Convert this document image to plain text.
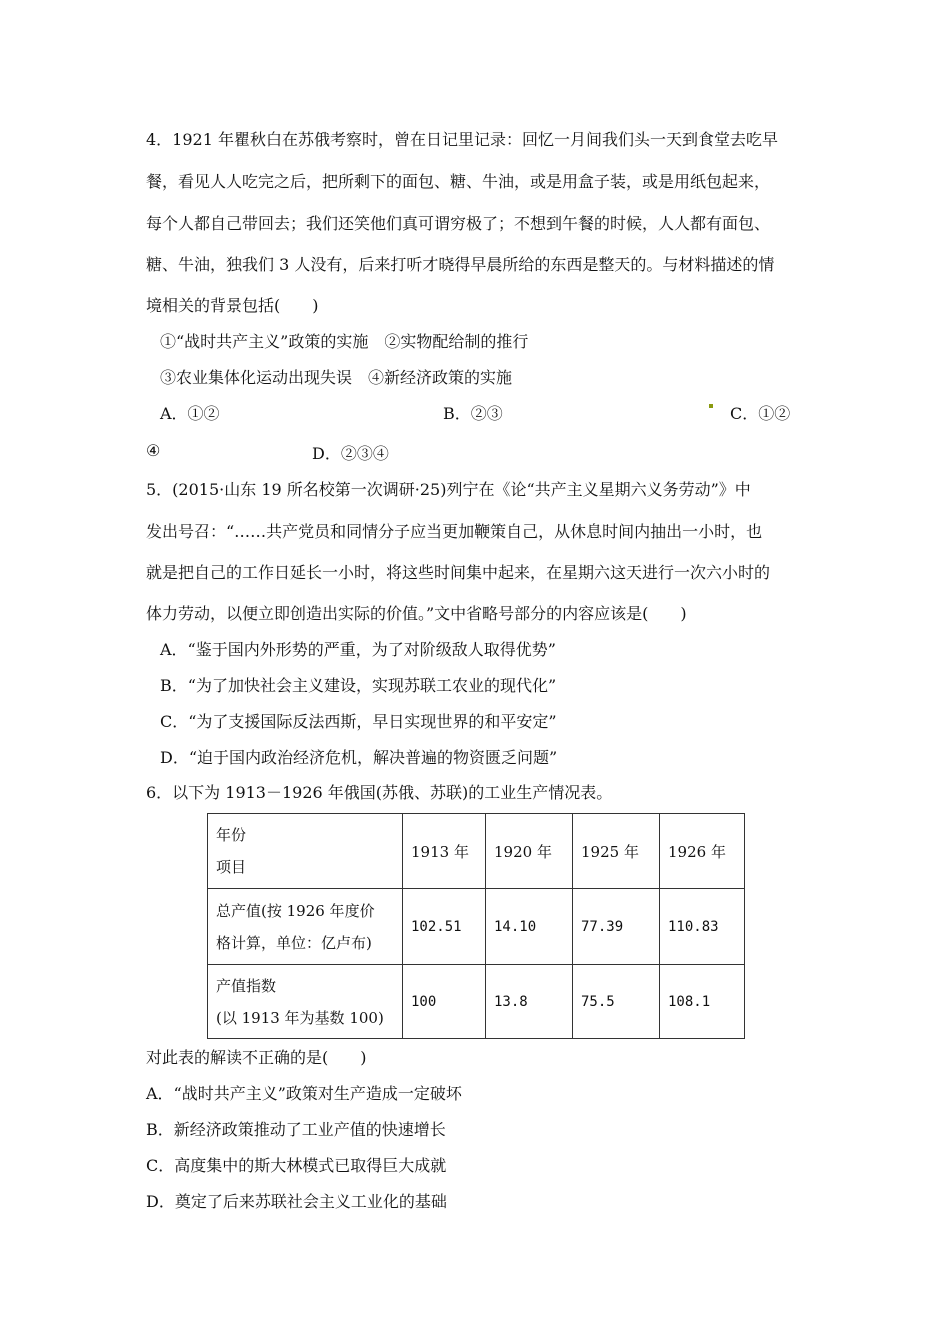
4．1921 年瞿秋白在苏俄考察时，曾在日记里记录：回忆一月间我们头一天到食堂去吃早
餐，看见人人吃完之后，把所剩下的面包、糖、牛油，或是用盒子装，或是用纸包起来，
每个人都自己带回去；我们还笑他们真可谓穷极了；不想到午餐的时候，人人都有面包、
糖、牛油，独我们 3 人没有，后来打听才晓得早晨所给的东西是整天的。与材料描述的情
境相关的背景包括(　　)
①“战时共产主义”政策的实施　②实物配给制的推行
③农业集体化运动出现失误　④新经济政策的实施
A．①②	B．②③	C．①②
④	D．②③④
5．(2015·山东 19 所名校第一次调研·25)列宁在《论“共产主义星期六义务劳动”》中
发出号召：“……共产党员和同情分子应当更加鞭策自己，从休息时间内抽出一小时，也
就是把自己的工作日延长一小时，将这些时间集中起来，在星期六这天进行一次六小时的
体力劳动，以便立即创造出实际的价值。”文中省略号部分的内容应该是(　　)
A．“鉴于国内外形势的严重，为了对阶级敌人取得优势”
B．“为了加快社会主义建设，实现苏联工农业的现代化”
C．“为了支援国际反法西斯，早日实现世界的和平安定”
D．“迫于国内政治经济危机，解决普遍的物资匮乏问题”
6．以下为 1913－1926 年俄国(苏俄、苏联)的工业生产情况表。
年份
项目	1913 年	1920 年	1925 年	1926 年

总产值(按 1926 年度价
格计算，单位：亿卢布)	102.51	14.10	77.39	110.83

产值指数
(以 1913 年为基数 100)	100	13.8	75.5	108.1
对此表的解读不正确的是(　　)
A．“战时共产主义”政策对生产造成一定破坏
B．新经济政策推动了工业产值的快速增长
C．高度集中的斯大林模式已取得巨大成就
D．奠定了后来苏联社会主义工业化的基础
